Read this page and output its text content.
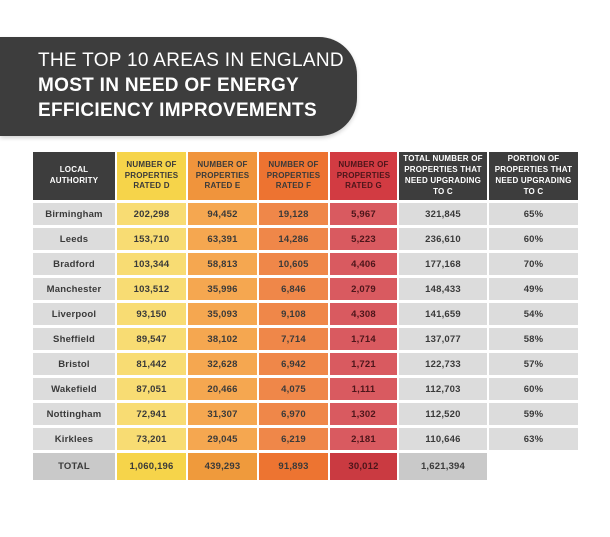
THE TOP 10 AREAS IN ENGLAND
MOST IN NEED OF ENERGY
EFFICIENCY IMPROVEMENTS
LOCAL AUTHORITY	NUMBER OF PROPERTIES RATED D	NUMBER OF PROPERTIES RATED E	NUMBER OF PROPERTIES RATED F	NUMBER OF PROPERTIES RATED G	TOTAL NUMBER OF PROPERTIES THAT NEED UPGRADING TO C	PORTION OF PROPERTIES THAT NEED UPGRADING TO C
Birmingham	202,298	94,452	19,128	5,967	321,845	65%
Leeds	153,710	63,391	14,286	5,223	236,610	60%
Bradford	103,344	58,813	10,605	4,406	177,168	70%
Manchester	103,512	35,996	6,846	2,079	148,433	49%
Liverpool	93,150	35,093	9,108	4,308	141,659	54%
Sheffield	89,547	38,102	7,714	1,714	137,077	58%
Bristol	81,442	32,628	6,942	1,721	122,733	57%
Wakefield	87,051	20,466	4,075	1,111	112,703	60%
Nottingham	72,941	31,307	6,970	1,302	112,520	59%
Kirklees	73,201	29,045	6,219	2,181	110,646	63%
TOTAL	1,060,196	439,293	91,893	30,012	1,621,394	
